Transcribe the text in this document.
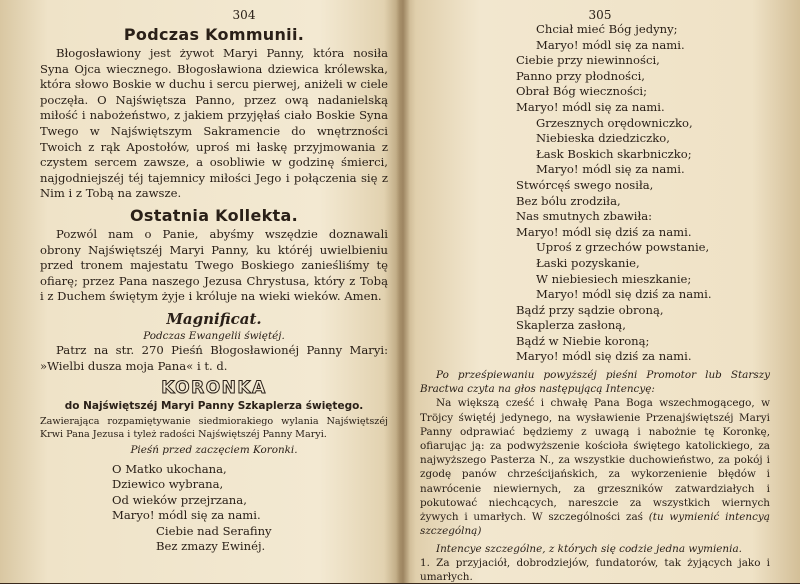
304
Podczas Kommunii.

Błogosławiony jest żywot Maryi Panny, która nosiła Syna Ojca wiecznego. Błogosławiona dziewica królewska, która słowo Boskie w duchu i sercu pierwej, aniżeli w ciele poczęła. O Najświętsza Panno, przez ową nadanielską miłość i nabożeństwo, z jakiem przyjęłaś ciało Boskie Syna Twego w Najświętszym Sakramencie do wnętrzności Twoich z rąk Apostołów, uproś mi łaskę przyjmowania z czystem sercem zawsze, a osobliwie w godzinę śmierci, najgodniejszéj téj tajemnicy miłości Jego i połączenia się z Nim i z Tobą na zawsze.

Ostatnia Kollekta.

Pozwól nam o Panie, abyśmy wszędzie doznawali obrony Najświętszéj Maryi Panny, ku któréj uwielbieniu przed tronem majestatu Twego Boskiego zanieśliśmy tę ofiarę; przez Pana naszego Jezusa Chrystusa, który z Tobą i z Duchem świętym żyje i króluje na wieki wieków. Amen.

Magnificat.
Podczas Ewangelii świętéj.

Patrz na str. 270 Pieśń Błogosławionéj Panny Maryi: »Wielbi dusza moja Pana« i t. d.

KORONKA
do Najświętszéj Maryi Panny Szkaplerza świętego.

Zawierająca rozpamiętywanie siedmiorakiego wylania Najświętszéj Krwi Pana Jezusa i tyleż radości Najświętszéj Panny Maryi.

Pieśń przed zaczęciem Koronki.
O Matko ukochana,
Dziewico wybrana,
Od wieków przejrzana,
Maryo! módl się za nami.
Ciebie nad Serafiny
Bez zmazy Ewinéj.
305
Chciał mieć Bóg jedyny;
Maryo! módl się za nami.
Ciebie przy niewinności,
Panno przy płodności,
Obrał Bóg wieczności;
Maryo! módl się za nami.
Grzesznych orędowniczko,
Niebieska dziedziczko,
Łask Boskich skarbniczko;
Maryo! módl się za nami.
Stwórcęś swego nosiła,
Bez bólu zrodziła,
Nas smutnych zbawiła:
Maryo! módl się dziś za nami.
Uproś z grzechów powstanie,
Łaski pozyskanie,
W niebiesiech mieszkanie;
Maryo! módl się dziś za nami.
Bądź przy sądzie obroną,
Skaplerza zasłoną,
Bądź w Niebie koroną;
Maryo! módl się dziś za nami.

Po prześpiewaniu powyższéj pieśni Promotor lub Starszy Bractwa czyta na głos następującą Intencyę:

Na większą cześć i chwałę Pana Boga wszechmogącego, w Tröjcy świętéj jedynego, na wysławienie Przenajświętszéj Maryi Panny odprawiać będziemy z uwagą i nabożnie tę Koronkę, ofiarując ją: za podwyższenie kościoła świętego katolickiego, za najwyższego Pasterza N., za wszystkie duchowieństwo, za pokój i zgodę panów chrześcijańskich, za wykorzenienie błędów i nawrócenie niewiernych, za grzeszników zatwardziałych i pokutować niechcących, nareszcie za wszystkich wiernych żywych i umarłych. W szczególności zaś (tu wymienić intencyą szczególną)

Intencye szczególne, z których się codzie jedna wymienia.

1. Za przyjaciół, dobrodziejów, fundatorów, tak żyjących jako i umarłych.
